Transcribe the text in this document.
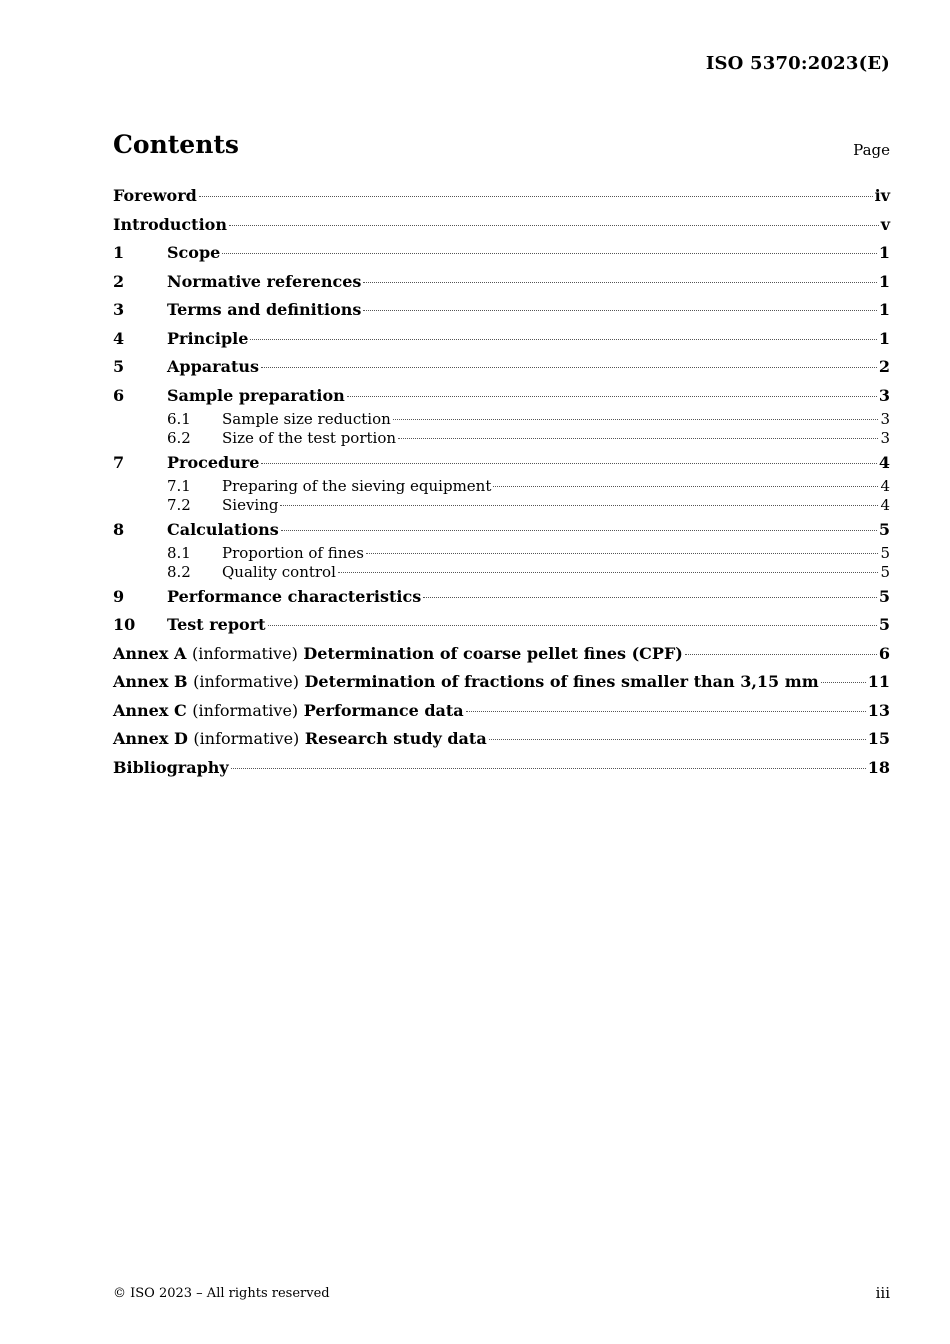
ISO 5370:2023(E)
Contents	Page
Foreword	iv
Introduction	v
1	Scope	1
2	Normative references	1
3	Terms and definitions	1
4	Principle	1
5	Apparatus	2
6	Sample preparation	3
6.1	Sample size reduction	3
6.2	Size of the test portion	3
7	Procedure	4
7.1	Preparing of the sieving equipment	4
7.2	Sieving	4
8	Calculations	5
8.1	Proportion of fines	5
8.2	Quality control	5
9	Performance characteristics	5
10	Test report	5
Annex A (informative) Determination of coarse pellet fines (CPF)	6
Annex B (informative) Determination of fractions of fines smaller than 3,15 mm	11
Annex C (informative) Performance data	13
Annex D (informative) Research study data	15
Bibliography	18
© ISO 2023 – All rights reserved	iii
